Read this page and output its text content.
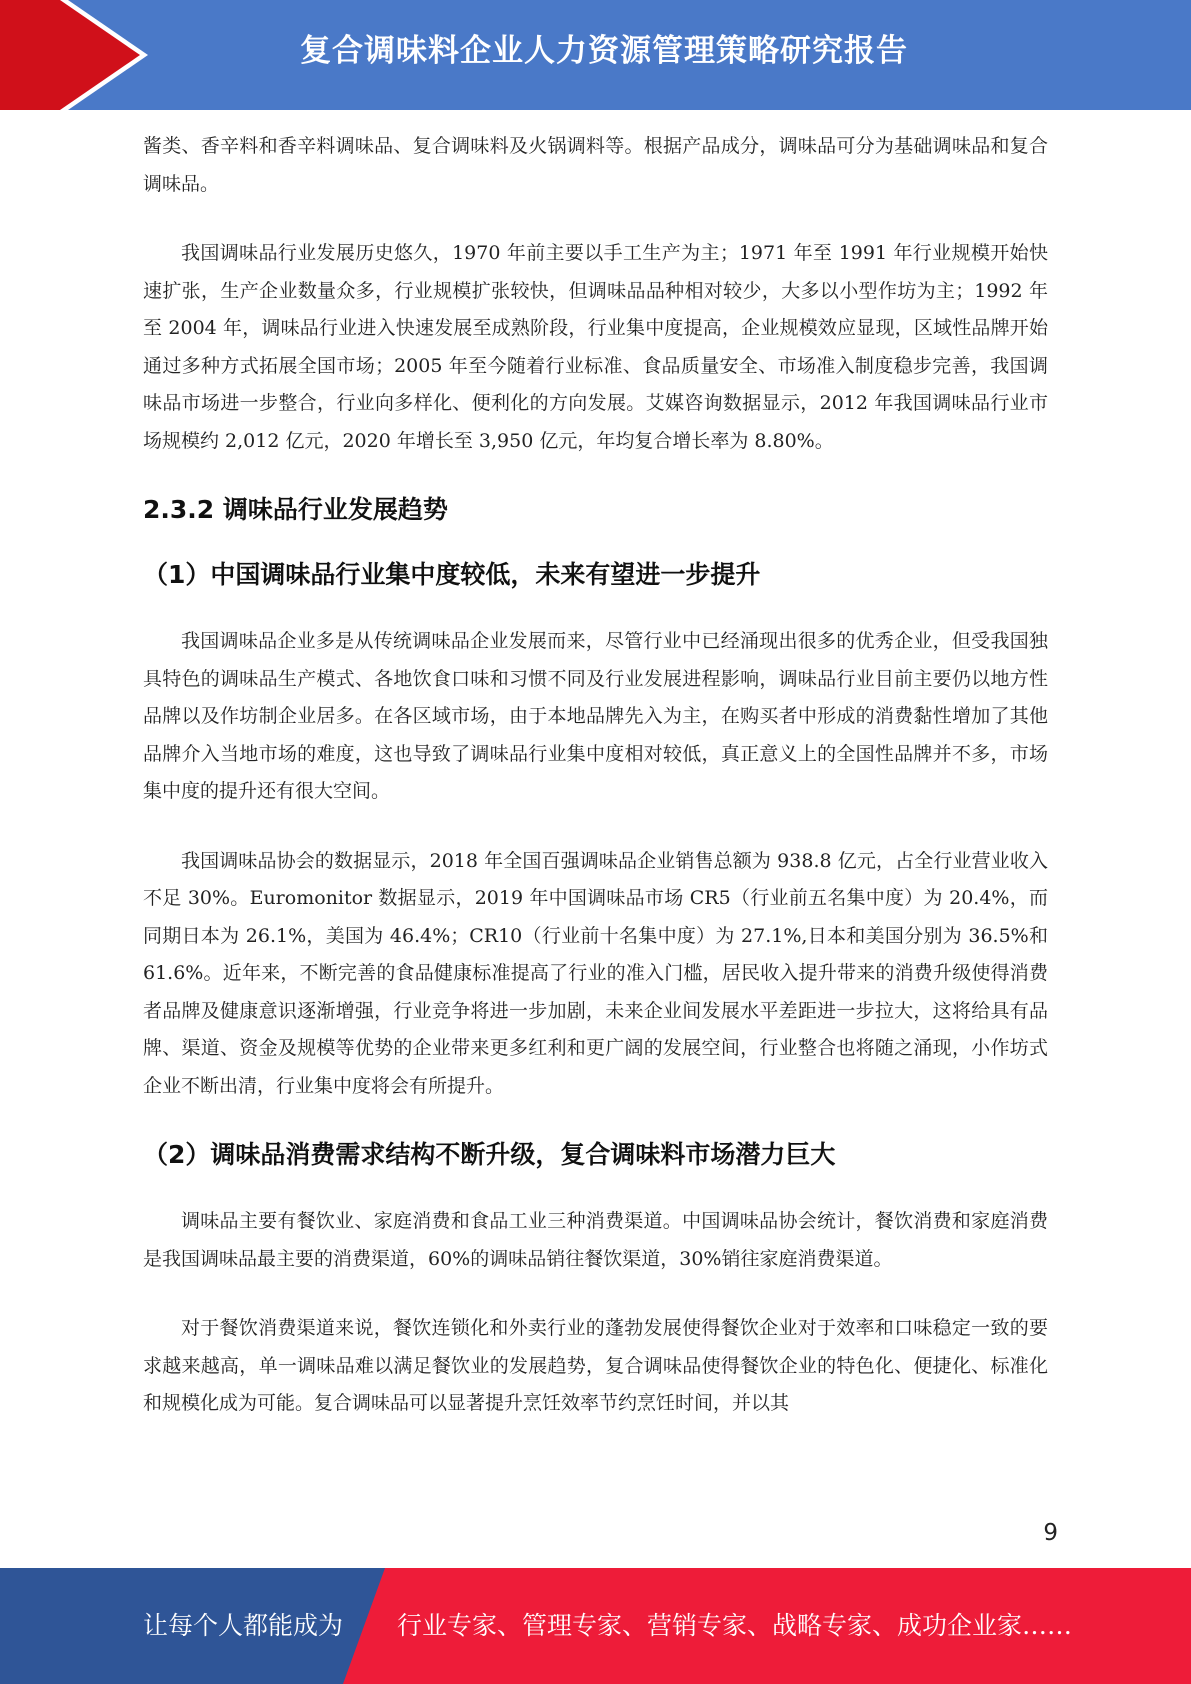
复合调味料企业人力资源管理策略研究报告

酱类、香辛料和香辛料调味品、复合调味料及火锅调料等。根据产品成分，调味品可分为基础调味品和复合调味品。

我国调味品行业发展历史悠久，1970 年前主要以手工生产为主；1971 年至 1991 年行业规模开始快速扩张，生产企业数量众多，行业规模扩张较快，但调味品品种相对较少，大多以小型作坊为主；1992 年至 2004 年，调味品行业进入快速发展至成熟阶段，行业集中度提高，企业规模效应显现，区域性品牌开始通过多种方式拓展全国市场；2005 年至今随着行业标准、食品质量安全、市场准入制度稳步完善，我国调味品市场进一步整合，行业向多样化、便利化的方向发展。艾媒咨询数据显示，2012 年我国调味品行业市场规模约 2,012 亿元，2020 年增长至 3,950 亿元，年均复合增长率为 8.80%。

2.3.2 调味品行业发展趋势
（1）中国调味品行业集中度较低，未来有望进一步提升

我国调味品企业多是从传统调味品企业发展而来，尽管行业中已经涌现出很多的优秀企业，但受我国独具特色的调味品生产模式、各地饮食口味和习惯不同及行业发展进程影响，调味品行业目前主要仍以地方性品牌以及作坊制企业居多。在各区域市场，由于本地品牌先入为主，在购买者中形成的消费黏性增加了其他品牌介入当地市场的难度，这也导致了调味品行业集中度相对较低，真正意义上的全国性品牌并不多，市场集中度的提升还有很大空间。

我国调味品协会的数据显示，2018 年全国百强调味品企业销售总额为 938.8 亿元，占全行业营业收入不足 30%。Euromonitor 数据显示，2019 年中国调味品市场 CR5（行业前五名集中度）为 20.4%，而同期日本为 26.1%，美国为 46.4%；CR10（行业前十名集中度）为 27.1%,日本和美国分别为 36.5%和 61.6%。近年来，不断完善的食品健康标准提高了行业的准入门槛，居民收入提升带来的消费升级使得消费者品牌及健康意识逐渐增强，行业竞争将进一步加剧，未来企业间发展水平差距进一步拉大，这将给具有品牌、渠道、资金及规模等优势的企业带来更多红利和更广阔的发展空间，行业整合也将随之涌现，小作坊式企业不断出清，行业集中度将会有所提升。

（2）调味品消费需求结构不断升级，复合调味料市场潜力巨大

调味品主要有餐饮业、家庭消费和食品工业三种消费渠道。中国调味品协会统计，餐饮消费和家庭消费是我国调味品最主要的消费渠道，60%的调味品销往餐饮渠道，30%销往家庭消费渠道。

对于餐饮消费渠道来说，餐饮连锁化和外卖行业的蓬勃发展使得餐饮企业对于效率和口味稳定一致的要求越来越高，单一调味品难以满足餐饮业的发展趋势，复合调味品使得餐饮企业的特色化、便捷化、标准化和规模化成为可能。复合调味品可以显著提升烹饪效率节约烹饪时间，并以其

9
让每个人都能成为 行业专家、管理专家、营销专家、战略专家、成功企业家……
